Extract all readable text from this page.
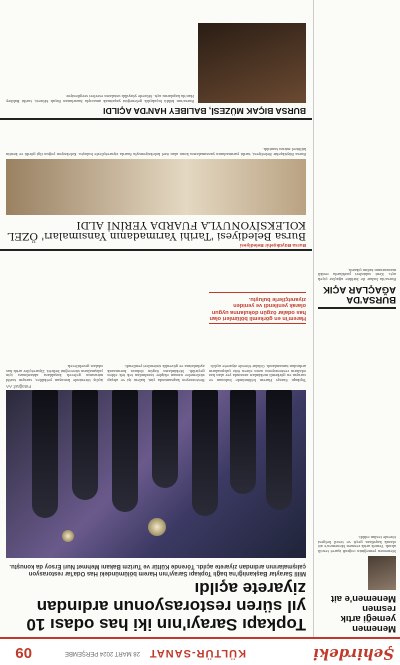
Şehirdeki
KÜLTÜR-SANAT
28 MART 2024 PERŞEMBE
09
Menemen yemeği artık resmen Menemen'e ait
Menemen yemeğinin coğrafi işaret tescili alındı. Yemek artık resmen Menemen'e ait olarak kayıtlara geçti ve tescil belgesi törenle teslim edildi.
BURSA'DA AĞAÇLAR AÇIK
Bursa'da bahar ile birlikte ağaçlar çiçek açtı. Kent sakinleri parklarda renkli manzaranın tadını çıkardı.
Topkapı Sarayı'nın iki has odası 10 yıl süren restorasyonun ardından ziyarete açıldı
Millî Saraylar Başkanlığı'na bağlı Topkapı Sarayı'nın Harem bölümündeki Has Oda'lar restorasyon çalışmalarının ardından ziyarete açıldı. Törende Kültür ve Turizm Bakanı Mehmet Nuri Ersoy da konuştu.
Fotoğraf: AA
Topkapı Sarayı Harem bölümünde bulunan ve sarayın en görkemli mekânları arasında yer alan has odaların restorasyonu uzun süren titiz çalışmaların ardından tamamlandı. Odalar törenle ziyarete açıldı.
Harem'in en görkemli bölümleri olan has odalar özgün dokularına uygun olarak yenilendi ve yeniden ziyaretçilerle buluştu.
Restorasyon kapsamında çini, kalem işi ve ahşap süslemeler uzman ekipler tarafından tek tek elden geçirildi. Mekânların özgün dokusu korunarak aydınlatma ve güvenlik sistemleri yenilendi.
Açılış töreninde konuşan yetkililer, sarayın tarihî mirasının gelecek kuşaklara aktarılması için çalışmaların süreceğini belirtti. Ziyaretçiler artık has odaları gezebilecek.
Bursa Büyükşehir Belediyesi
Bursa Belediyesi 'Tarihi Yarımadanın Yansımaları' ÖZEL KOLEKSİYONUYLA FUARDA YERİNİ ALDI
Bursa Büyükşehir Belediyesi, tarihi yarımadanın yansımalarını konu alan özel koleksiyonuyla fuarda ziyaretçilerle buluştu. Koleksiyon yoğun ilgi gördü ve kentin kültürel mirası tanıtıldı.
BURSA BIÇAK MÜZESİ, BALIBEY HAN'DA AÇILDI
Bursa'nın köklü bıçakçılık geleneğini yaşatmak amacıyla hazırlanan Bıçak Müzesi, tarihi Balıbey Han'da kapılarını açtı. Müzede yüzyıllık ustaların eserleri sergileniyor.
